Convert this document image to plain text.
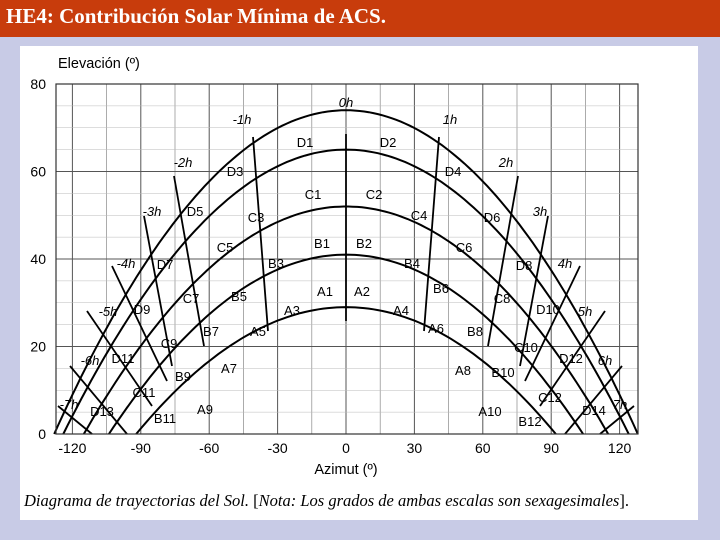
HE4: Contribución Solar Mínima de ACS.
Elevación (º)
Azimut (º)
0
20
40
60
80
-120	-90	-60	-30	0	30	60	90	120
0h
1h
-1h
2h
-2h
3h
-3h
4h
-4h
5h
-5h
6h
-6h
7h
-7h
D1	D2
D3	D4
D5	D6
D7	D8
D9	D10
D11	D12
D13	D14
C1	C2
C3	C4
C5	C6
C7	C8
C9	C10
C11	C12
B1 B2
B3	B4
B5
B6
B7	B8
B9	B10
B11	B12
A1 A2
A3	A4
A5	A6
A7	A8
A9	A10
Diagrama de trayectorias del Sol. [Nota: Los grados de ambas escalas son sexagesimales].
